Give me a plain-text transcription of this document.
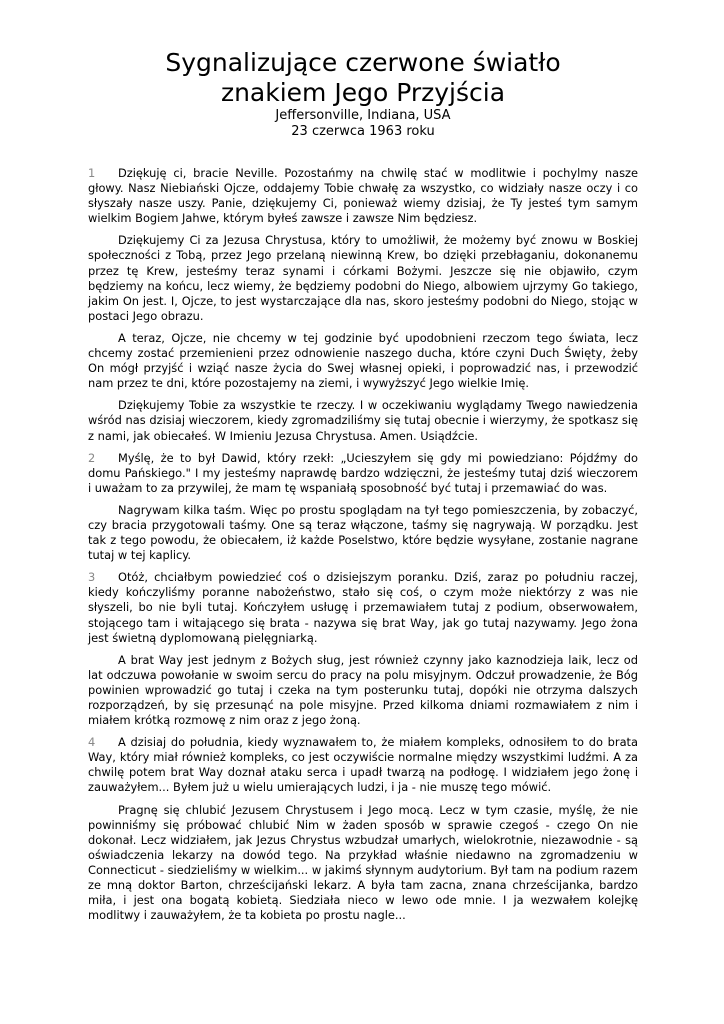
Sygnalizujące czerwone światło
znakiem Jego Przyjścia

Jeffersonville, Indiana, USA

23 czerwca 1963 roku

1 Dziękuję ci, bracie Neville. Pozostańmy na chwilę stać w modlitwie i pochylmy nasze głowy. Nasz Niebiański Ojcze, oddajemy Tobie chwałę za wszystko, co widziały nasze oczy i co słyszały nasze uszy. Panie, dziękujemy Ci, ponieważ wiemy dzisiaj, że Ty jesteś tym samym wielkim Bogiem Jahwe, którym byłeś zawsze i zawsze Nim będziesz.

Dziękujemy Ci za Jezusa Chrystusa, który to umożliwił, że możemy być znowu w Boskiej społeczności z Tobą, przez Jego przelaną niewinną Krew, bo dzięki przebłaganiu, dokonanemu przez tę Krew, jesteśmy teraz synami i córkami Bożymi. Jeszcze się nie objawiło, czym będziemy na końcu, lecz wiemy, że będziemy podobni do Niego, albowiem ujrzymy Go takiego, jakim On jest. I, Ojcze, to jest wystarczające dla nas, skoro jesteśmy podobni do Niego, stojąc w postaci Jego obrazu.

A teraz, Ojcze, nie chcemy w tej godzinie być upodobnieni rzeczom tego świata, lecz chcemy zostać przemienieni przez odnowienie naszego ducha, które czyni Duch Święty, żeby On mógł przyjść i wziąć nasze życia do Swej własnej opieki, i poprowadzić nas, i przewodzić nam przez te dni, które pozostajemy na ziemi, i wywyższyć Jego wielkie Imię.

Dziękujemy Tobie za wszystkie te rzeczy. I w oczekiwaniu wyglądamy Twego nawiedzenia wśród nas dzisiaj wieczorem, kiedy zgromadziliśmy się tutaj obecnie i wierzymy, że spotkasz się z nami, jak obiecałeś. W Imieniu Jezusa Chrystusa. Amen. Usiądźcie.

2 Myślę, że to był Dawid, który rzekł: „Ucieszyłem się gdy mi powiedziano: Pójdźmy do domu Pańskiego." I my jesteśmy naprawdę bardzo wdzięczni, że jesteśmy tutaj dziś wieczorem i uważam to za przywilej, że mam tę wspaniałą sposobność być tutaj i przemawiać do was.

Nagrywam kilka taśm. Więc po prostu spoglądam na tył tego pomieszczenia, by zobaczyć, czy bracia przygotowali taśmy. One są teraz włączone, taśmy się nagrywają. W porządku. Jest tak z tego powodu, że obiecałem, iż każde Poselstwo, które będzie wysyłane, zostanie nagrane tutaj w tej kaplicy.

3 Otóż, chciałbym powiedzieć coś o dzisiejszym poranku. Dziś, zaraz po południu raczej, kiedy kończyliśmy poranne nabożeństwo, stało się coś, o czym może niektórzy z was nie słyszeli, bo nie byli tutaj. Kończyłem usługę i przemawiałem tutaj z podium, obserwowałem, stojącego tam i witającego się brata - nazywa się brat Way, jak go tutaj nazywamy. Jego żona jest świetną dyplomowaną pielęgniarką.

A brat Way jest jednym z Bożych sług, jest również czynny jako kaznodzieja laik, lecz od lat odczuwa powołanie w swoim sercu do pracy na polu misyjnym. Odczuł prowadzenie, że Bóg powinien wprowadzić go tutaj i czeka na tym posterunku tutaj, dopóki nie otrzyma dalszych rozporządzeń, by się przesunąć na pole misyjne. Przed kilkoma dniami rozmawiałem z nim i miałem krótką rozmowę z nim oraz z jego żoną.

4 A dzisiaj do południa, kiedy wyznawałem to, że miałem kompleks, odnosiłem to do brata Way, który miał również kompleks, co jest oczywiście normalne między wszystkimi ludźmi. A za chwilę potem brat Way doznał ataku serca i upadł twarzą na podłogę. I widziałem jego żonę i zauważyłem... Byłem już u wielu umierających ludzi, i ja - nie muszę tego mówić.

Pragnę się chlubić Jezusem Chrystusem i Jego mocą. Lecz w tym czasie, myślę, że nie powinniśmy się próbować chlubić Nim w żaden sposób w sprawie czegoś - czego On nie dokonał. Lecz widziałem, jak Jezus Chrystus wzbudzał umarłych, wielokrotnie, niezawodnie - są oświadczenia lekarzy na dowód tego. Na przykład właśnie niedawno na zgromadzeniu w Connecticut - siedzieliśmy w wielkim... w jakimś słynnym audytorium. Był tam na podium razem ze mną doktor Barton, chrześcijański lekarz. A była tam zacna, znana chrześcijanka, bardzo miła, i jest ona bogatą kobietą. Siedziała nieco w lewo ode mnie. I ja wezwałem kolejkę modlitwy i zauważyłem, że ta kobieta po prostu nagle...
